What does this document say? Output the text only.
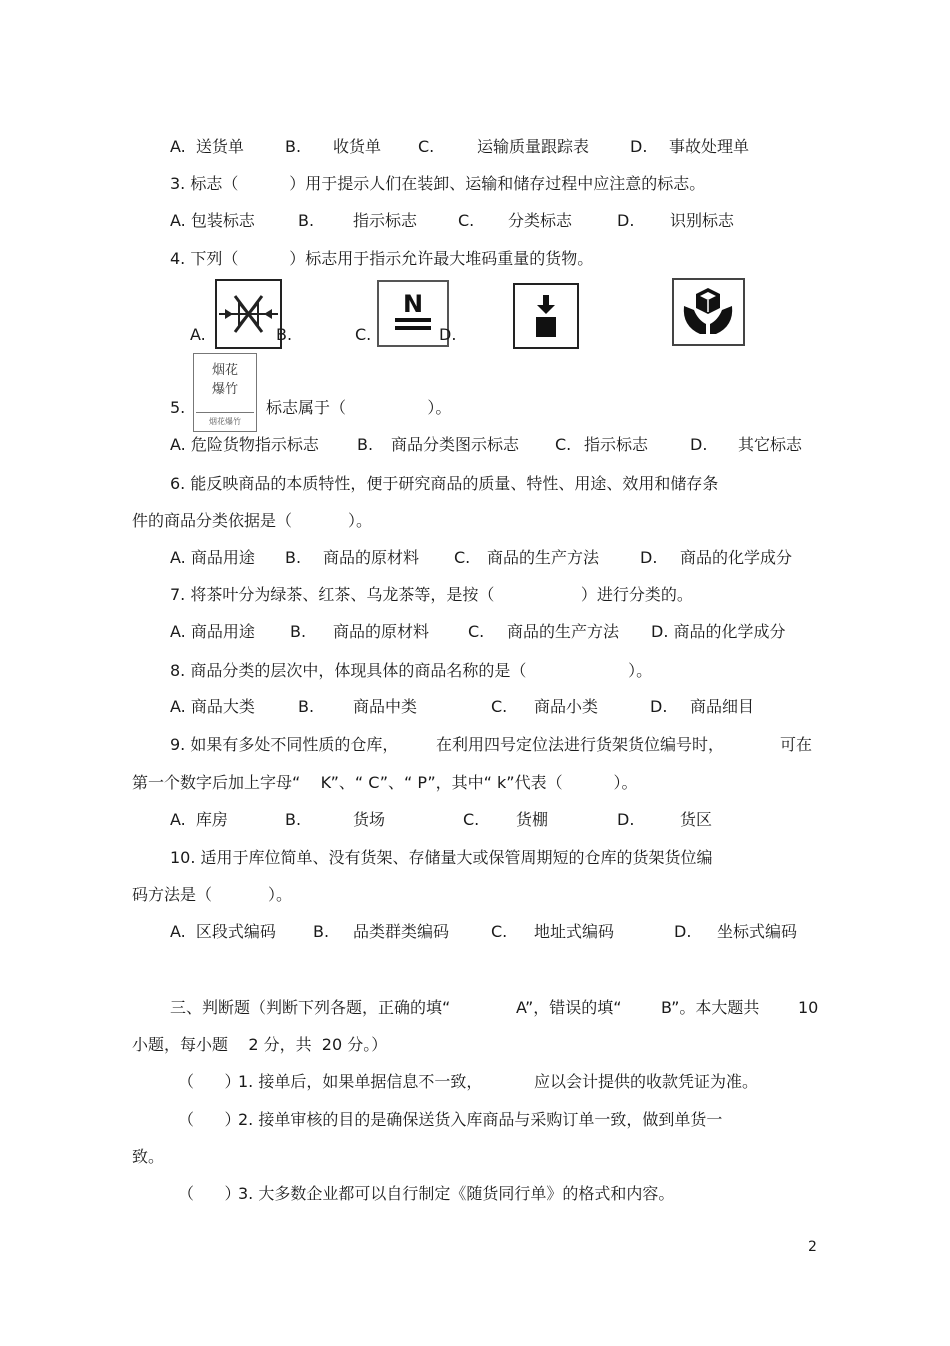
A.  送货单	B. 收货单 C.	运输质量跟踪表	D. 事故处理单
3. 标志（          ）用于提示人们在装卸、运输和储存过程中应注意的标志。
A. 包装标志	B. 指示标志	C. 分类标志	D. 识别标志
4. 下列（          ）标志用于指示允许最大堆码重量的货物。
A.	B.
N
C.	D.
5.
烟花
爆竹
烟花爆竹
标志属于（                ）。
A. 危险货物指示标志 B. 商品分类图示标志 C. 指示标志	D. 其它标志
6. 能反映商品的本质特性，便于研究商品的质量、特性、用途、效用和储存条
件的商品分类依据是（           ）。
A. 商品用途 B. 商品的原材料 C. 商品的生产方法	D. 商品的化学成分
7. 将茶叶分为绿茶、红茶、乌龙茶等，是按（                 ）进行分类的。
A. 商品用途 B. 商品的原材料 C. 商品的生产方法 D. 商品的化学成分
8. 商品分类的层次中，体现具体的商品名称的是（                    ）。
A. 商品大类	B. 商品中类	C. 商品小类	D. 商品细目
9. 如果有多处不同性质的仓库， 在利用四号定位法进行货架货位编号时，	可在
第一个数字后加上字母“    K”、“ C”、“ P”，其中“ k”代表（          ）。
A.  库房	B.	货场	C. 货棚	D.	货区
10. 适用于库位简单、没有货架、存储量大或保管周期短的仓库的货架货位编
码方法是（           ）。
A.  区段式编码 B. 品类群类编码	C. 地址式编码	D. 坐标式编码
三、判断题（判断下列各题，正确的填“	A”，错误的填“ B”。本大题共 10
小题，每小题    2 分，共  20 分。）
（      ）
1. 接单后，如果单据信息不一致，	应以会计提供的收款凭证为准。
（      ）
2. 接单审核的目的是确保送货入库商品与采购订单一致，做到单货一
致。
（      ）
3. 大多数企业都可以自行制定《随货同行单》的格式和内容。
2
